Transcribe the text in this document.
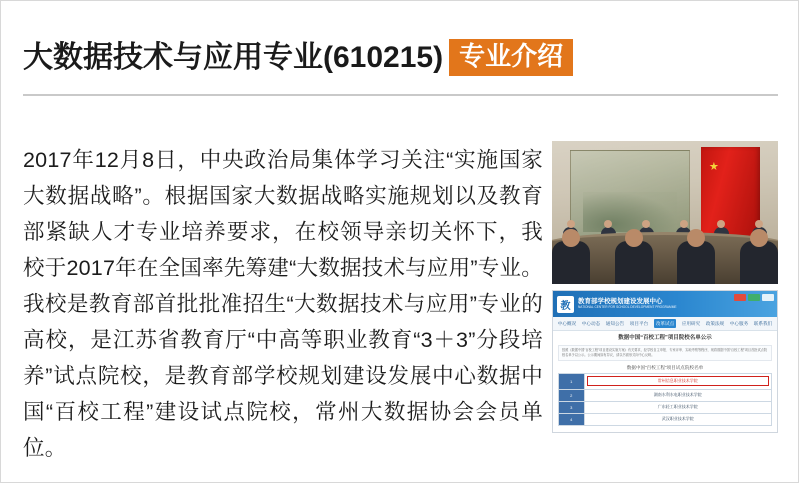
大数据技术与应用专业(610215) 专业介绍
2017年12月8日，中央政治局集体学习关注“实施国家大数据战略”。根据国家大数据战略实施规划以及教育部紧缺人才专业培养要求，在校领导亲切关怀下，我校于2017年在全国率先筹建“大数据技术与应用”专业。我校是教育部首批批准招生“大数据技术与应用”专业的高校，是江苏省教育厅“中高等职业教育“3＋3”分段培养”试点院校，是教育部学校规划建设发展中心数据中国“百校工程”建设试点院校，常州大数据协会会员单位。
教	教育部学校规划建设发展中心
NATIONAL CENTER FOR SCHOOL DEVELOPMENT PROGRAMME
中心概况 中心动态 通知公告 项目平台	改革试点	应用研究 政策法规 中心服务 联系我们
数据中国“百校工程”项目院校名单公示
按照《数据中国“百校工程”项目建设实施方案》有关要求，经学校自主申报、专家评审、实地考察等程序，现将数据中国“百校工程”项目首批试点院校名单予以公示。公示期间如有异议，请以书面形式向中心反映。
数据中国“百校工程”项目试点院校名单
1	常州信息职业技术学院

2	湖南水利水电职业技术学院
3	广东轻工职业技术学院
4	武汉职业技术学院
